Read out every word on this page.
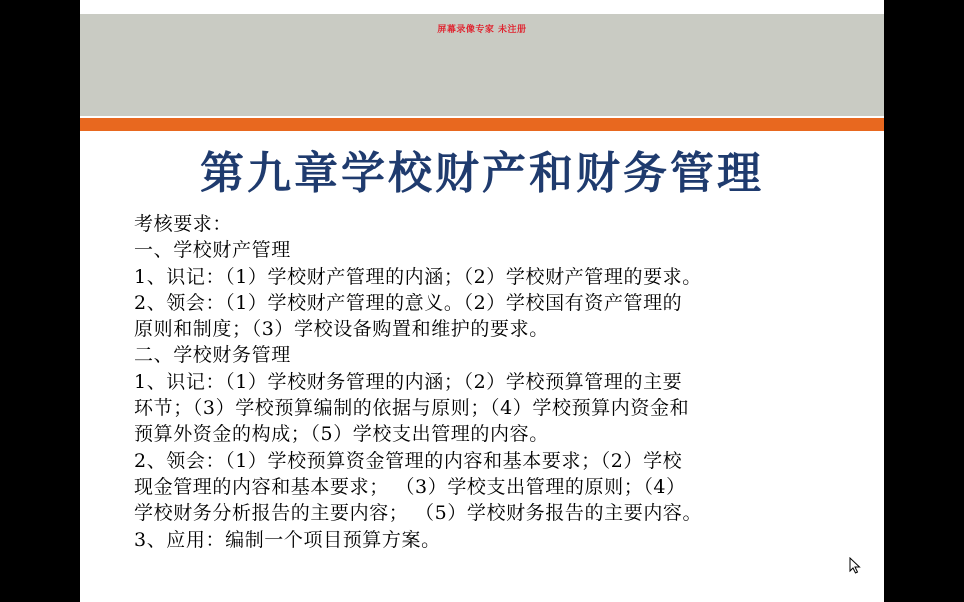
屏幕录像专家 未注册
第九章学校财产和财务管理
考核要求：
一、学校财产管理
1、识记：（1）学校财产管理的内涵；（2）学校财产管理的要求。
2、领会：（1）学校财产管理的意义。（2）学校国有资产管理的
原则和制度；（3）学校设备购置和维护的要求。
二、学校财务管理
1、识记：（1）学校财务管理的内涵；（2）学校预算管理的主要
环节；（3）学校预算编制的依据与原则；（4）学校预算内资金和
预算外资金的构成；（5）学校支出管理的内容。
2、领会：（1）学校预算资金管理的内容和基本要求；（2）学校
现金管理的内容和基本要求； （3）学校支出管理的原则；（4）
学校财务分析报告的主要内容； （5）学校财务报告的主要内容。
3、应用：编制一个项目预算方案。
